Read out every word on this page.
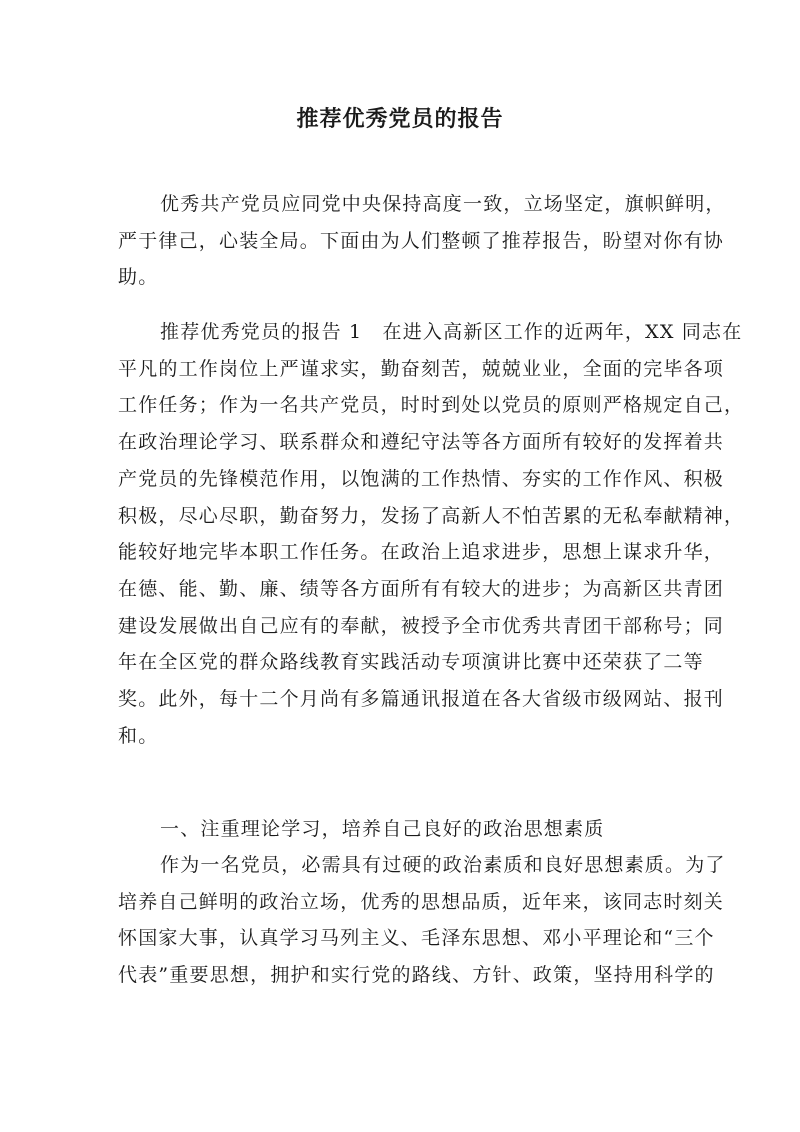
推荐优秀党员的报告
优秀共产党员应同党中央保持高度一致，立场坚定，旗帜鲜明，
严于律己，心装全局。下面由为人们整顿了推荐报告，盼望对你有协
助。
推荐优秀党员的报告 1　在进入高新区工作的近两年，XX 同志在
平凡的工作岗位上严谨求实，勤奋刻苦，兢兢业业，全面的完毕各项
工作任务；作为一名共产党员，时时到处以党员的原则严格规定自己，
在政治理论学习、联系群众和遵纪守法等各方面所有较好的发挥着共
产党员的先锋模范作用，以饱满的工作热情、夯实的工作作风、积极
积极，尽心尽职，勤奋努力，发扬了高新人不怕苦累的无私奉献精神，
能较好地完毕本职工作任务。在政治上追求进步，思想上谋求升华，
在德、能、勤、廉、绩等各方面所有有较大的进步；为高新区共青团
建设发展做出自己应有的奉献，被授予全市优秀共青团干部称号；同
年在全区党的群众路线教育实践活动专项演讲比赛中还荣获了二等
奖。此外，每十二个月尚有多篇通讯报道在各大省级市级网站、报刊
和。
一、注重理论学习，培养自己良好的政治思想素质
作为一名党员，必需具有过硬的政治素质和良好思想素质。为了
培养自己鲜明的政治立场，优秀的思想品质，近年来，该同志时刻关
怀国家大事，认真学习马列主义、毛泽东思想、邓小平理论和“三个
代表”重要思想，拥护和实行党的路线、方针、政策，坚持用科学的
